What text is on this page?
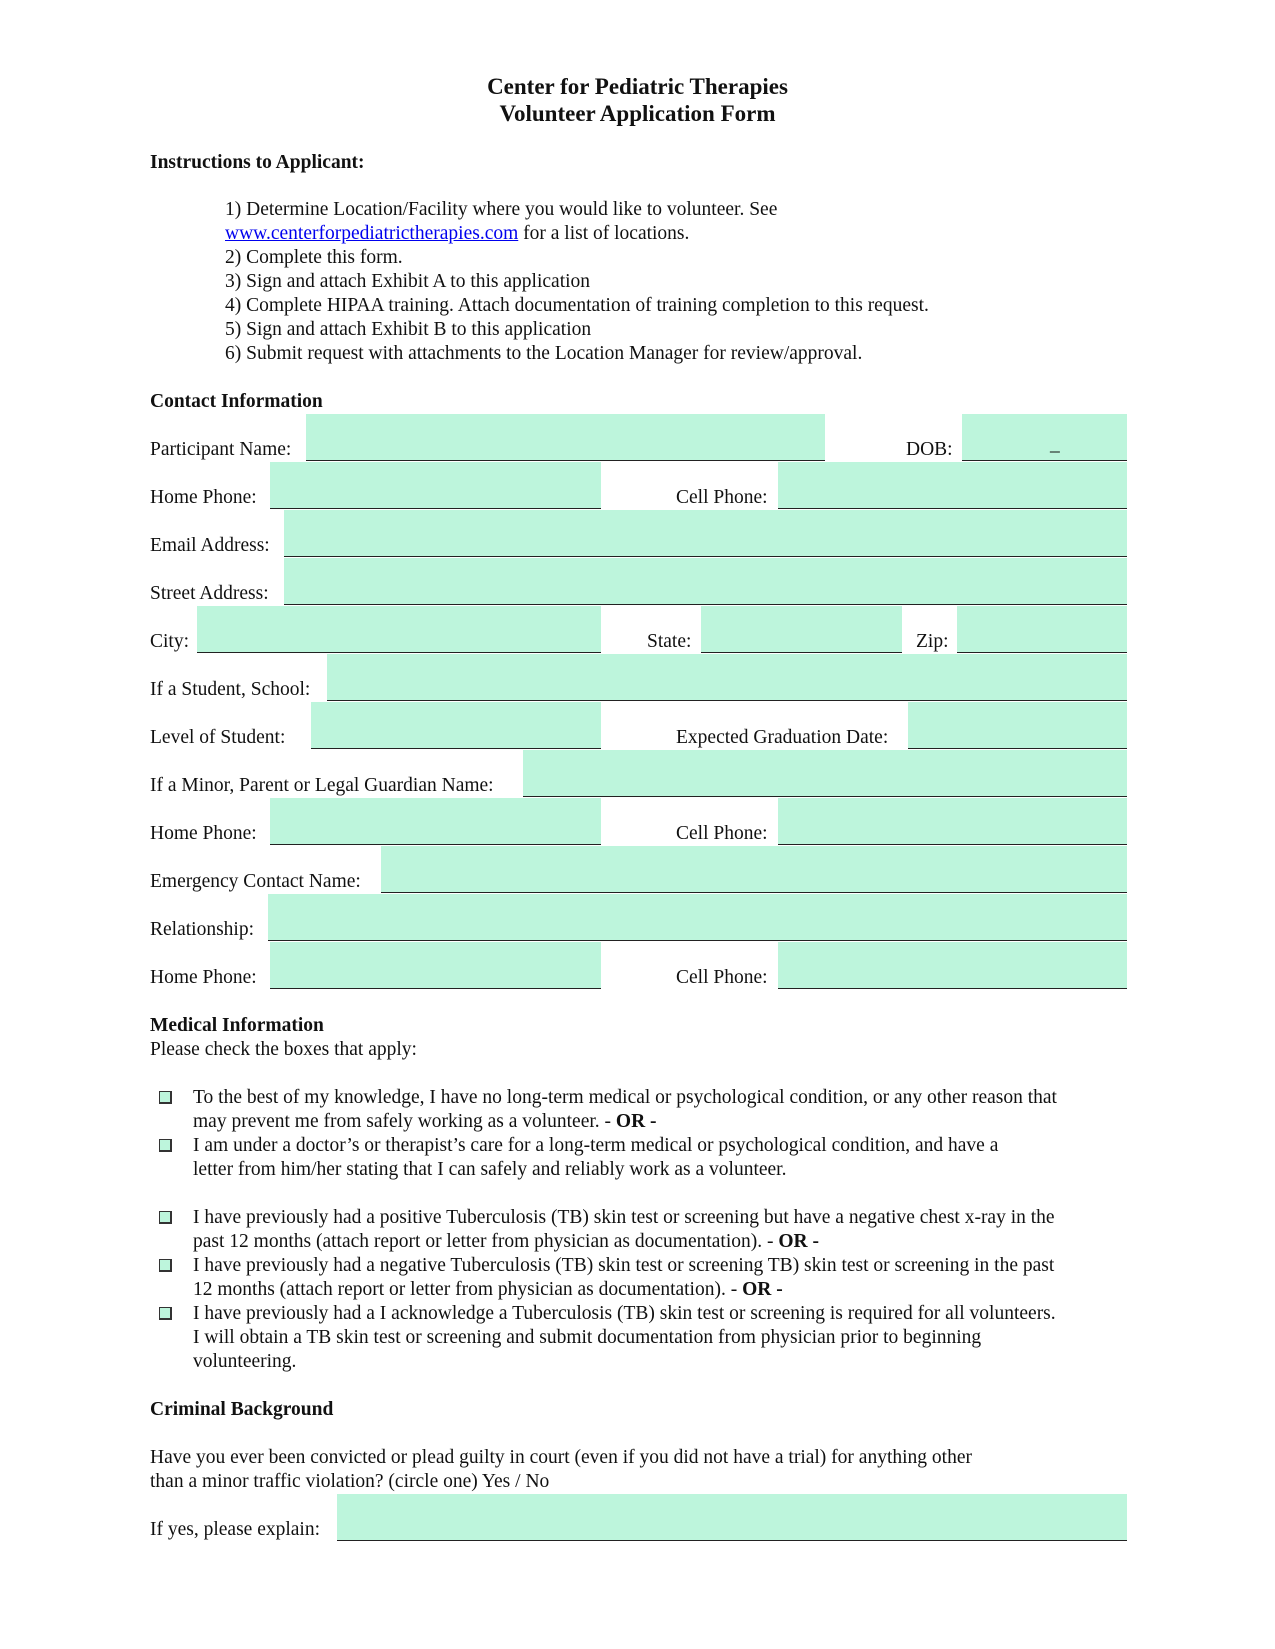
Center for Pediatric Therapies
Volunteer Application Form
Instructions to Applicant:
1) Determine Location/Facility where you would like to volunteer. See
www.centerforpediatrictherapies.com for a list of locations.
2) Complete this form.
3) Sign and attach Exhibit A to this application
4) Complete HIPAA training. Attach documentation of training completion to this request.
5) Sign and attach Exhibit B to this application
6) Submit request with attachments to the Location Manager for review/approval.
Contact Information
Participant Name:	DOB:	_
Home Phone:	Cell Phone:
Email Address:
Street Address:
City:	State:	Zip:
If a Student, School:
Level of Student:	Expected Graduation Date:
If a Minor, Parent or Legal Guardian Name:
Home Phone:	Cell Phone:
Emergency Contact Name:
Relationship:
Home Phone:	Cell Phone:
Medical Information
Please check the boxes that apply:
To the best of my knowledge, I have no long-term medical or psychological condition, or any other reason that
may prevent me from safely working as a volunteer. - OR -
I am under a doctor’s or therapist’s care for a long-term medical or psychological condition, and have a
letter from him/her stating that I can safely and reliably work as a volunteer.
I have previously had a positive Tuberculosis (TB) skin test or screening but have a negative chest x-ray in the
past 12 months (attach report or letter from physician as documentation). - OR -
I have previously had a negative Tuberculosis (TB) skin test or screening TB) skin test or screening in the past
12 months (attach report or letter from physician as documentation). - OR -
I have previously had a I acknowledge a Tuberculosis (TB) skin test or screening is required for all volunteers.
I will obtain a TB skin test or screening and submit documentation from physician prior to beginning
volunteering.
Criminal Background
Have you ever been convicted or plead guilty in court (even if you did not have a trial) for anything other
than a minor traffic violation? (circle one) Yes / No
If yes, please explain:
